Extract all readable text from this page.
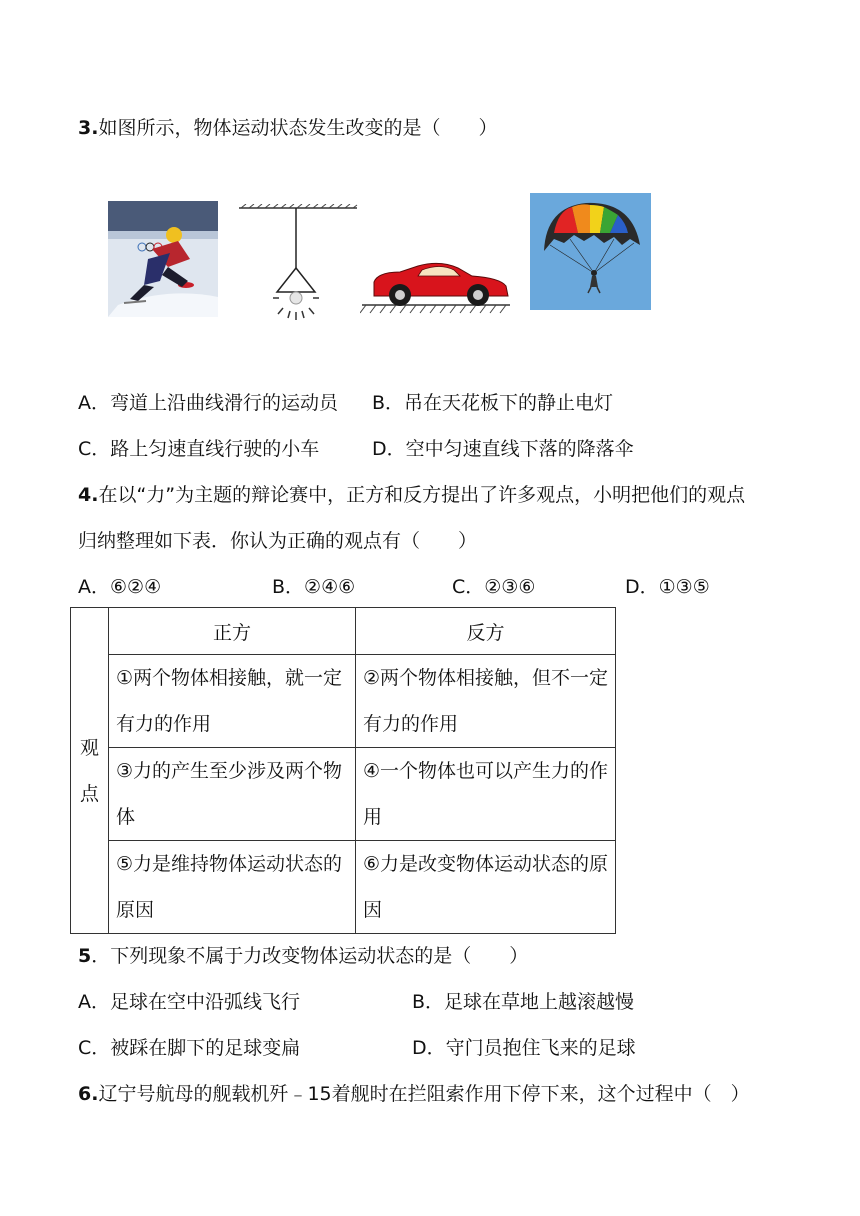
3.如图所示，物体运动状态发生改变的是（　　）
A．弯道上沿曲线滑行的运动员 B．吊在天花板下的静止电灯
C．路上匀速直线行驶的小车	D．空中匀速直线下落的降落伞
4.在以“力”为主题的辩论赛中，正方和反方提出了许多观点，小明把他们的观点
归纳整理如下表．你认为正确的观点有（　　）
A．⑥②④	B．②④⑥	C．②③⑥	D．①③⑤
观
点	正方	反方

	①两个物体相接触，就一定有力的作用	②两个物体相接触，但不一定有力的作用

	③力的产生至少涉及两个物体	④一个物体也可以产生力的作用

	⑤力是维持物体运动状态的原因	⑥力是改变物体运动状态的原因
5．下列现象不属于力改变物体运动状态的是（　　）
A．足球在空中沿弧线飞行	B．足球在草地上越滚越慢
C．被踩在脚下的足球变扁	D．守门员抱住飞来的足球
6.辽宁号航母的舰载机歼﹣15着舰时在拦阻索作用下停下来，这个过程中（　）
